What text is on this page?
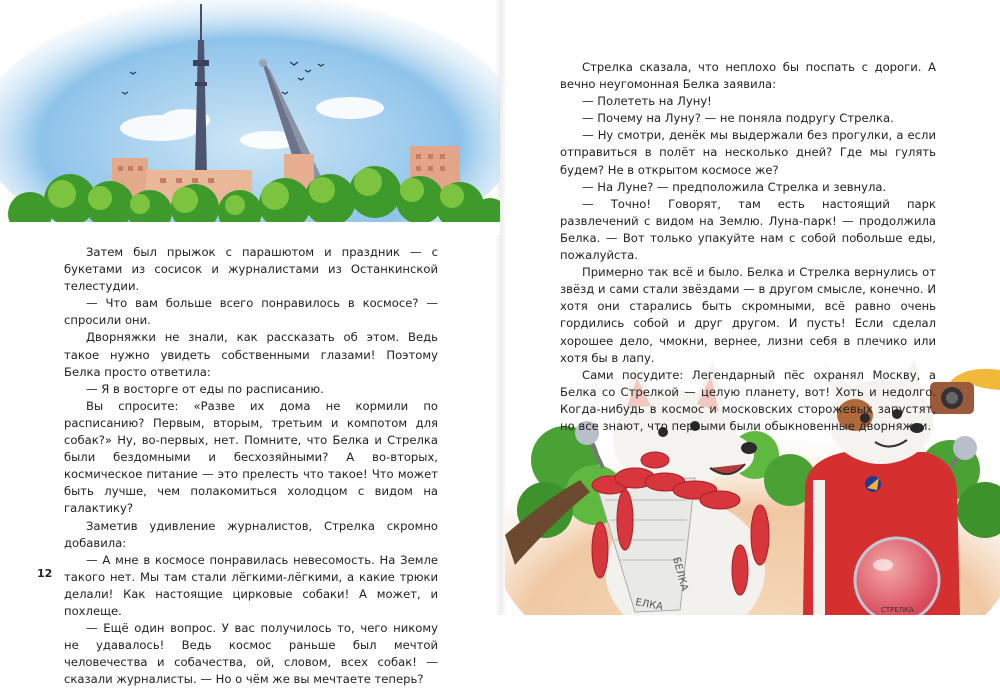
БЕЛКА
ЕЛКА	СТРЕЛКА

Затем был прыжок с парашютом и праздник — с букетами из сосисок и журналистами из Останкинской телестудии.

— Что вам больше всего понравилось в космосе? — спросили они.

Дворняжки не знали, как рассказать об этом. Ведь такое нужно увидеть собственными глазами! Поэтому Белка просто ответила:

— Я в восторге от еды по расписанию.

Вы спросите: «Разве их дома не кормили по расписанию? Первым, вторым, третьим и компотом для собак?» Ну, во-первых, нет. Помните, что Белка и Стрелка были бездомными и бесхозяйными? А во-вторых, космическое питание — это прелесть что такое! Что может быть лучше, чем полакомиться холодцом с видом на галактику?

Заметив удивление журналистов, Стрелка скромно добавила:

— А мне в космосе понравилась невесомость. На Земле такого нет. Мы там стали лёгкими-лёгкими, а какие трюки делали! Как настоящие цирковые собаки! А может, и похлеще.

— Ещё один вопрос. У вас получилось то, чего никому не удавалось! Ведь космос раньше был мечтой человечества и собачества, ой, словом, всех собак! — сказали журналисты. — Но о чём же вы мечтаете теперь?

Стрелка сказала, что неплохо бы поспать с дороги. А вечно неугомонная Белка заявила:

— Полететь на Луну!

— Почему на Луну? — не поняла подругу Стрелка.

— Ну смотри, денёк мы выдержали без прогулки, а если отправиться в полёт на несколько дней? Где мы гулять будем? Не в открытом космосе же?

— На Луне? — предположила Стрелка и зевнула.

— Точно! Говорят, там есть настоящий парк развлечений с видом на Землю. Луна-парк! — продолжила Белка. — Вот только упакуйте нам с собой побольше еды, пожалуйста.

Примерно так всё и было. Белка и Стрелка вернулись от звёзд и сами стали звёздами — в другом смысле, конечно. И хотя они старались быть скромными, всё равно очень гордились собой и друг другом. И пусть! Если сделал хорошее дело, чмокни, вернее, лизни себя в плечико или хотя бы в лапу.

Сами посудите: Легендарный пёс охранял Москву, а Белка со Стрелкой — целую планету, вот! Хоть и недолго. Когда-нибудь в космос и московских сторожевых запустят, но все знают, что первыми были обыкновенные дворняжки.

12
